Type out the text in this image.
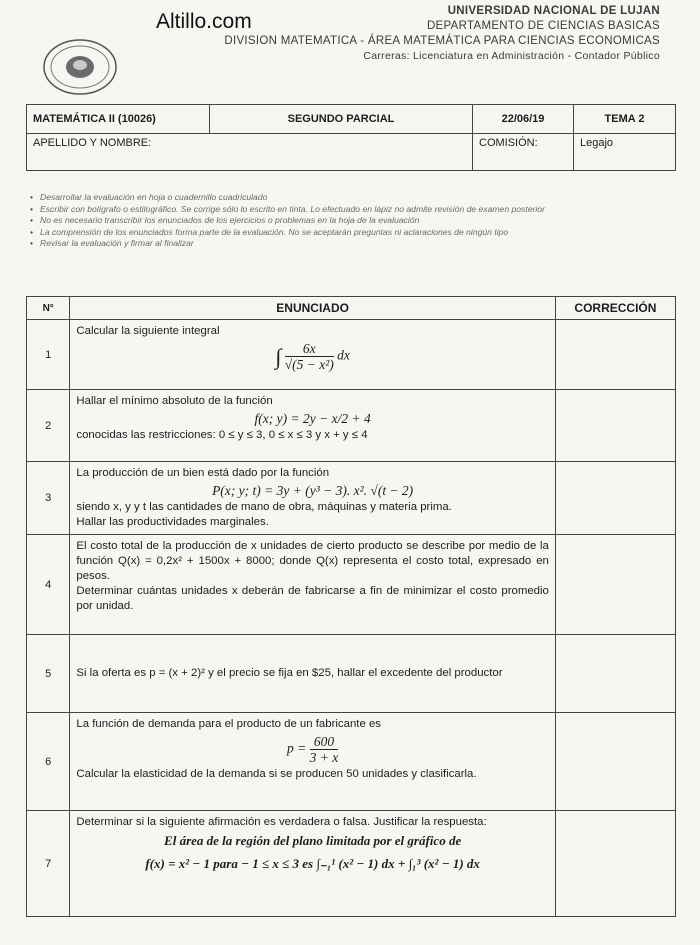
Altillo.com	UNIVERSIDAD NACIONAL DE LUJAN
DEPARTAMENTO DE CIENCIAS BASICAS
DIVISION MATEMATICA - ÁREA MATEMÁTICA PARA CIENCIAS ECONOMICAS
Carreras: Licenciatura en Administración - Contador Público
MATEMÁTICA II (10026)	SEGUNDO PARCIAL	22/06/19	TEMA 2
APELLIDO Y NOMBRE:		COMISIÓN:	Legajo
• Desarrollar la evaluación en hoja o cuadernillo cuadriculado
• Escribir con bolígrafo o estilográfico. Se corrige sólo lo escrito en tinta. Lo efectuado en lápiz no admite revisión de examen posterior
• No es necesario transcribir los enunciados de los ejercicios o problemas en la hoja de la evaluación
• La comprensión de los enunciados forma parte de la evaluación. No se aceptarán preguntas ni aclaraciones de ningún tipo
• Revisar la evaluación y firmar al finalizar
N°	ENUNCIADO	CORRECCIÓN
1	Calcular la siguiente integral
∫ $\frac{6x}{\text{√(5 − x²)}}$ dx	

2	Hallar el mínimo absoluto de la función
f(x; y) = 2y − x/2 + 4
conocidas las restricciones: 0 ≤ y ≤ 3, 0 ≤ x ≤ 3 y x + y ≤ 4	

3	La producción de un bien está dado por la función
P(x; y; t) = 3y + (y³ − 3). x². √(t − 2)
siendo x, y y t las cantidades de mano de obra, máquinas y materia prima.
Hallar las productividades marginales.	

4	El costo total de la producción de x unidades de cierto producto se describe por medio de la función Q(x) = 0,2x² + 1500x + 8000; donde Q(x) representa el costo total, expresado en pesos.
Determinar cuántas unidades x deberán de fabricarse a fin de minimizar el costo promedio por unidad.	

5	Si la oferta es p = (x + 2)² y el precio se fija en $25, hallar el excedente del productor	

6	La función de demanda para el producto de un fabricante es
$p = \frac{600}{3 + x}$
Calcular la elasticidad de la demanda si se producen 50 unidades y clasificarla.	

7	Determinar si la siguiente afirmación es verdadera o falsa. Justificar la respuesta:
El área de la región del plano limitada por el gráfico de
f(x) = x² − 1 para − 1 ≤ x ≤ 3 es ∫₋₁¹ (x² − 1) dx + ∫₁³ (x² − 1) dx	
